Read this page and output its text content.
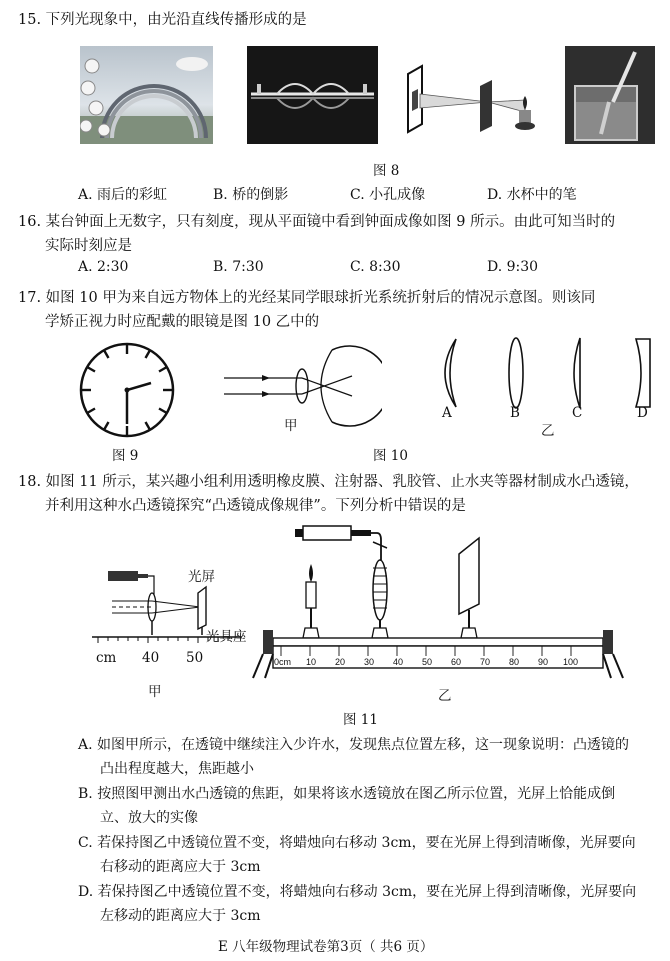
15. 下列光现象中，由光沿直线传播形成的是
图 8
A. 雨后的彩虹	B. 桥的倒影	C. 小孔成像	D. 水杯中的笔
16. 某台钟面上无数字，只有刻度，现从平面镜中看到钟面成像如图 9 所示。由此可知当时的
实际时刻应是
A. 2:30	B. 7:30	C. 8:30	D. 9:30
17. 如图 10 甲为来自远方物体上的光经某同学眼球折光系统折射后的情况示意图。则该同
学矫正视力时应配戴的眼镜是图 10 乙中的
图 9
甲
A	B	C	D
乙
图 10
18. 如图 11 所示，某兴趣小组利用透明橡皮膜、注射器、乳胶管、止水夹等器材制成水凸透镜，
并利用这种水凸透镜探究“凸透镜成像规律”。下列分析中错误的是
光屏
光具座
cm 40 50
甲
0cm 10 20 30 40 50 60 70 80 90 100
乙
图 11
A. 如图甲所示，在透镜中继续注入少许水，发现焦点位置左移，这一现象说明：凸透镜的
凸出程度越大，焦距越小
B. 按照图甲测出水凸透镜的焦距，如果将该水透镜放在图乙所示位置，光屏上恰能成倒
立、放大的实像
C. 若保持图乙中透镜位置不变，将蜡烛向右移动 3cm，要在光屏上得到清晰像，光屏要向
右移动的距离应大于 3cm
D. 若保持图乙中透镜位置不变，将蜡烛向右移动 3cm，要在光屏上得到清晰像，光屏要向
左移动的距离应大于 3cm
E 八年级物理试卷第3页（ 共6 页）
